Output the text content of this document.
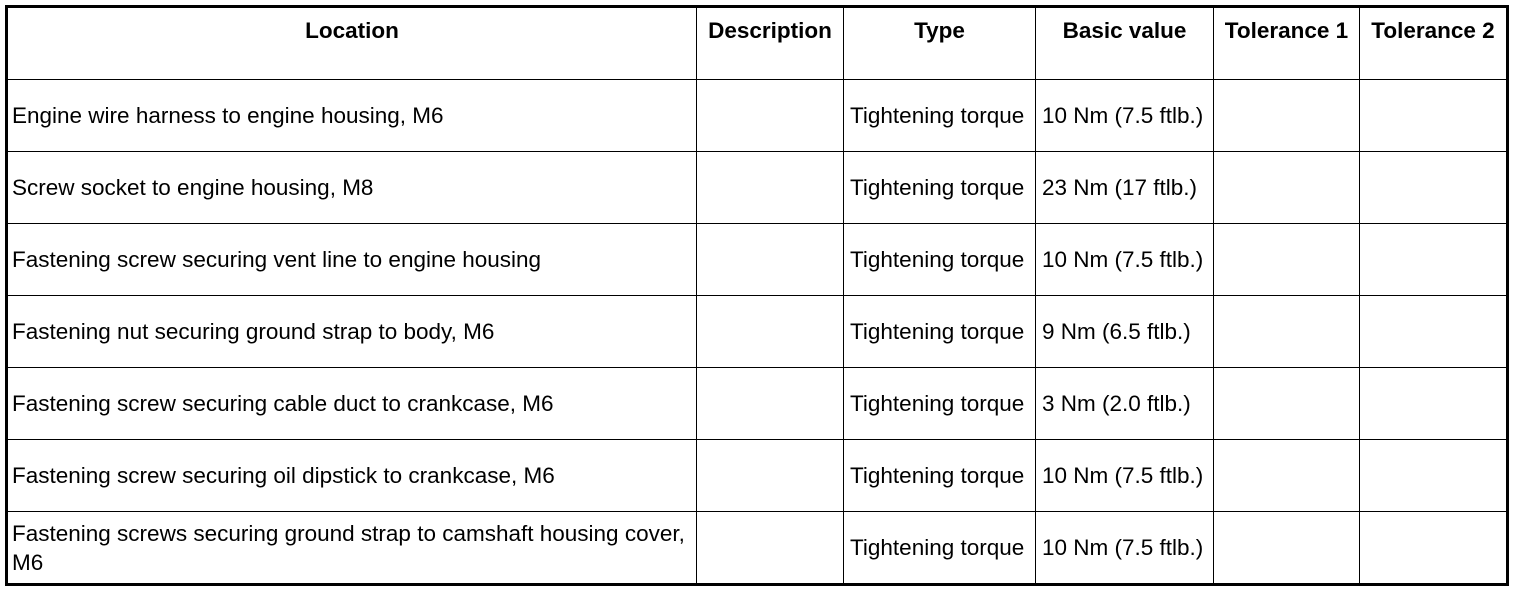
Location	Description	Type	Basic value	Tolerance 1	Tolerance 2
Engine wire harness to engine housing, M6		Tightening torque	10 Nm (7.5 ftlb.)		
Screw socket to engine housing, M8		Tightening torque	23 Nm (17 ftlb.)		
Fastening screw securing vent line to engine housing		Tightening torque	10 Nm (7.5 ftlb.)		
Fastening nut securing ground strap to body, M6		Tightening torque	9 Nm (6.5 ftlb.)		
Fastening screw securing cable duct to crankcase, M6		Tightening torque	3 Nm (2.0 ftlb.)		
Fastening screw securing oil dipstick to crankcase, M6		Tightening torque	10 Nm (7.5 ftlb.)		
Fastening screws securing ground strap to camshaft housing cover, M6		Tightening torque	10 Nm (7.5 ftlb.)		
